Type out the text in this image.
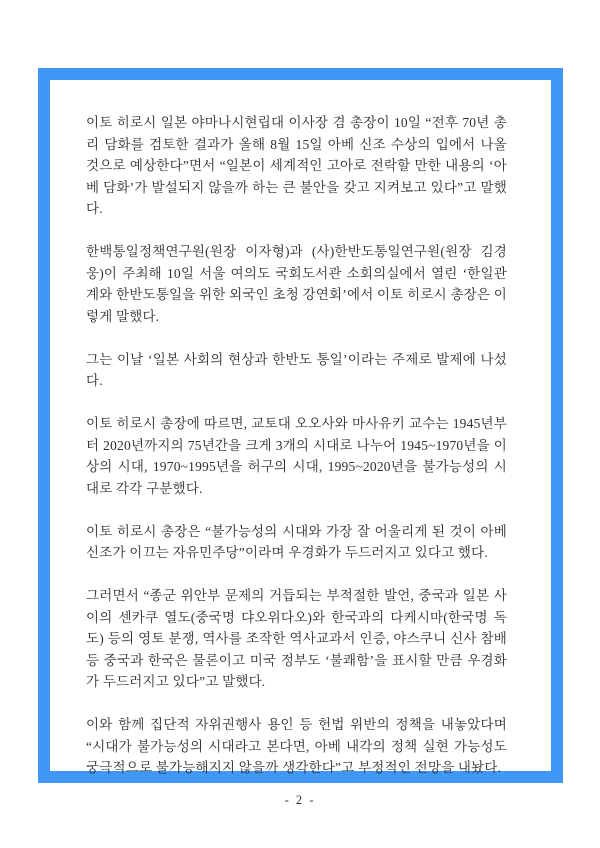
이토 히로시 일본 야마나시현립대 이사장 겸 총장이 10일 “전후 70년 총리 담화를 검토한 결과가 올해 8월 15일 아베 신조 수상의 입에서 나올 것으로 예상한다”면서 “일본이 세계적인 고아로 전락할 만한 내용의 ‘아베 담화’가 발설되지 않을까 하는 큰 불안을 갖고 지켜보고 있다”고 말했다.

한백통일정책연구원(원장 이자형)과 (사)한반도통일연구원(원장 김경웅)이 주최해 10일 서울 여의도 국회도서관 소회의실에서 열린 ‘한일관계와 한반도통일을 위한 외국인 초청 강연회’에서 이토 히로시 총장은 이렇게 말했다.

그는 이날 ‘일본 사회의 현상과 한반도 통일’이라는 주제로 발제에 나섰다.

이토 히로시 총장에 따르면, 교토대 오오사와 마사유키 교수는 1945년부터 2020년까지의 75년간을 크게 3개의 시대로 나누어 1945~1970년을 이상의 시대, 1970~1995년을 허구의 시대, 1995~2020년을 불가능성의 시대로 각각 구분했다.

이토 히로시 총장은 “불가능성의 시대와 가장 잘 어울리게 된 것이 아베 신조가 이끄는 자유민주당”이라며 우경화가 두드러지고 있다고 했다.

그러면서 “종군 위안부 문제의 거듭되는 부적절한 발언, 중국과 일본 사이의 센카쿠 열도(중국명 댜오위다오)와 한국과의 다케시마(한국명 독도) 등의 영토 분쟁, 역사를 조작한 역사교과서 인증, 야스쿠니 신사 참배 등 중국과 한국은 물론이고 미국 정부도 ‘불쾌함’을 표시할 만큼 우경화가 두드러지고 있다”고 말했다.

이와 함께 집단적 자위권행사 용인 등 헌법 위반의 정책을 내놓았다며 “시대가 불가능성의 시대라고 본다면, 아베 내각의 정책 실현 가능성도 궁극적으로 불가능해지지 않을까 생각한다”고 부정적인 전망을 내놨다.

- 2 -
